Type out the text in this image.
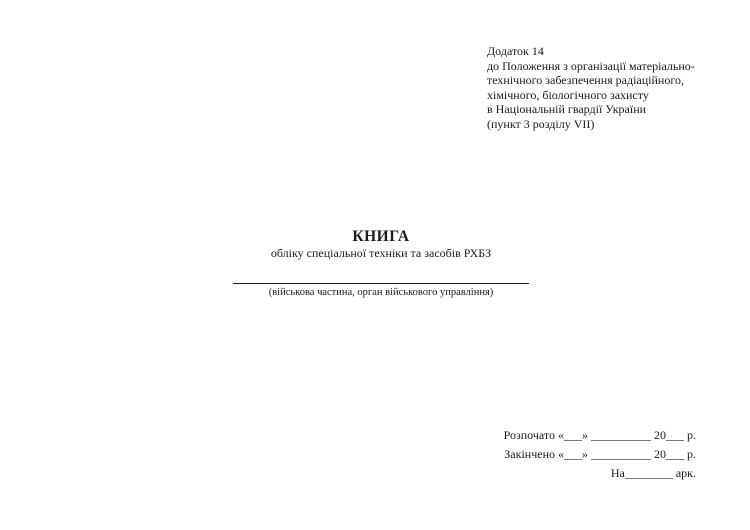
Додаток 14
до Положення з організації матеріально-
технічного забезпечення радіаційного,
хімічного, біологічного захисту
в Національній гвардії України
(пункт 3 розділу VII)
КНИГА
обліку спеціальної техніки та засобів РХБЗ
(військова частина, орган військового управління)
Розпочато «___» __________ 20___ р.
Закінчено «___» __________ 20___ р.
На________ арк.
